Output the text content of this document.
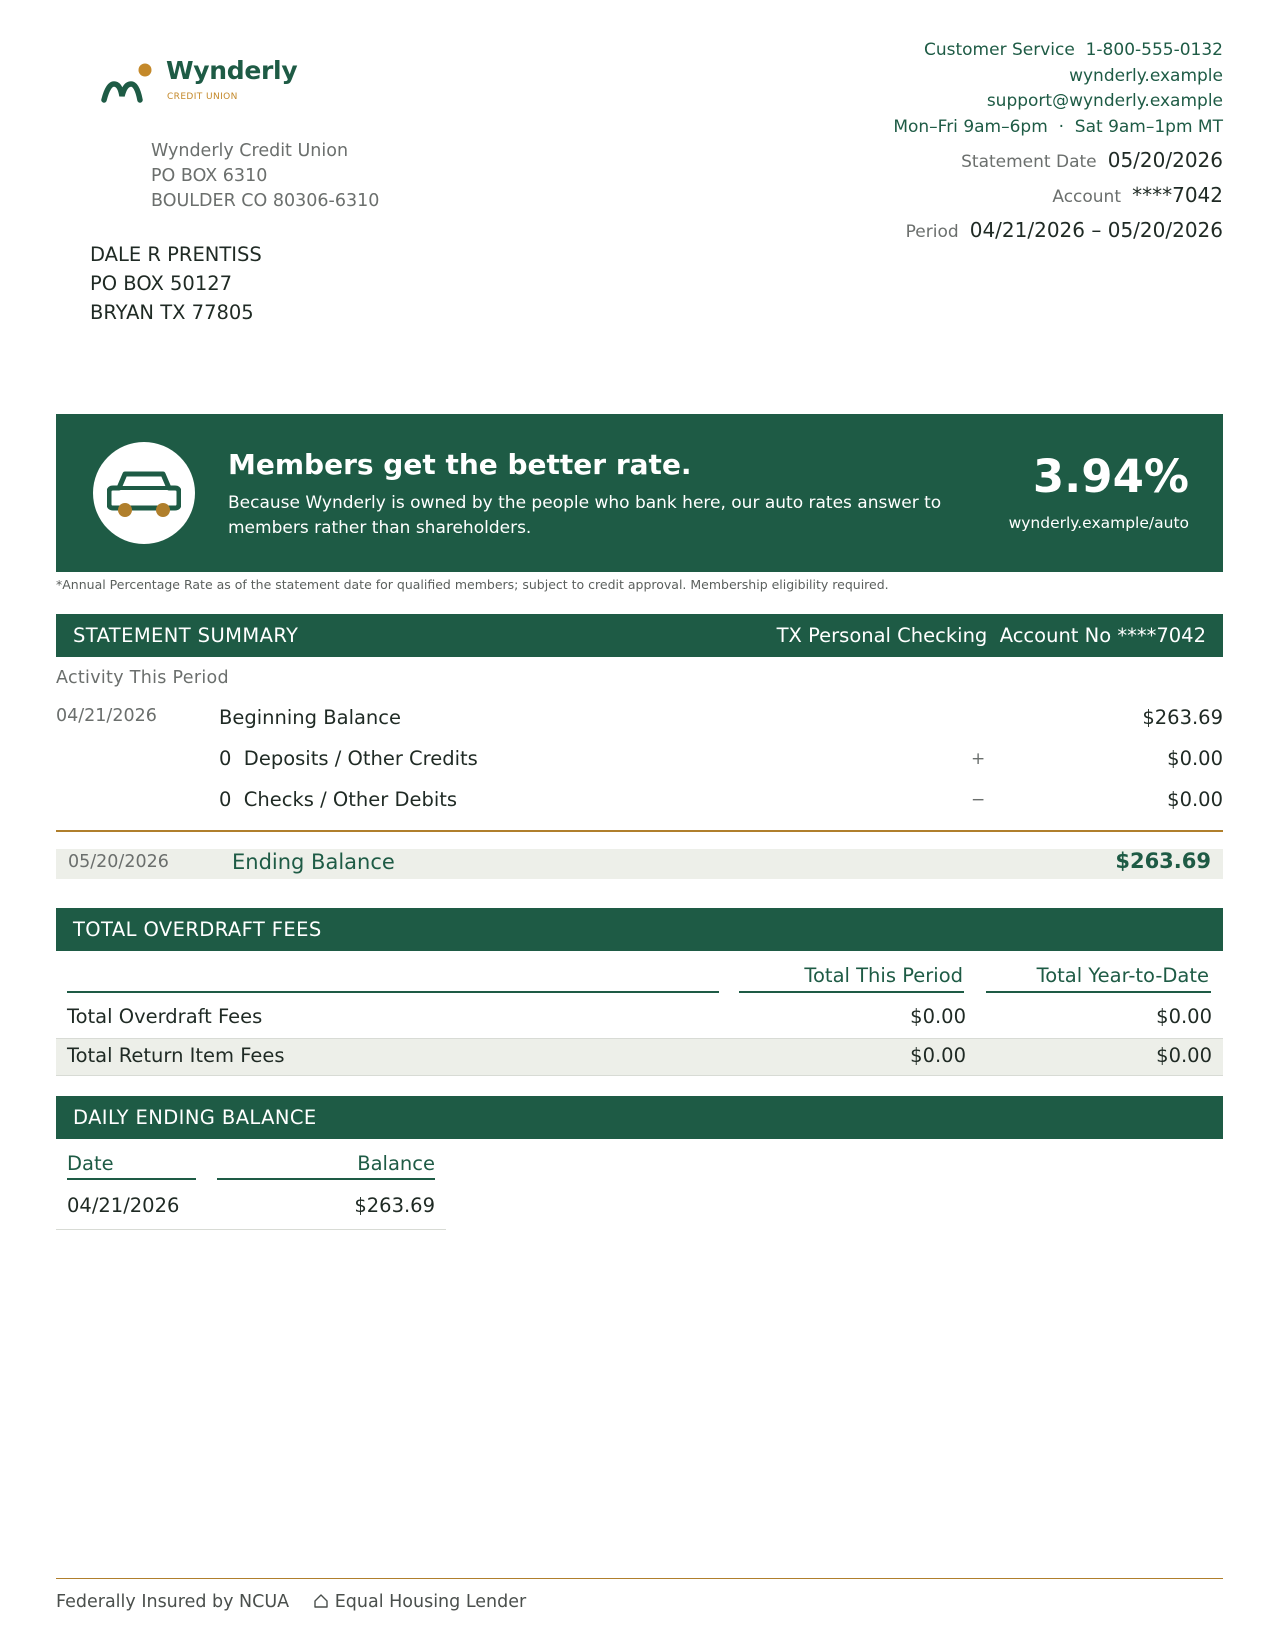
Wynderly
CREDIT UNION
Wynderly Credit Union
PO BOX 6310
BOULDER CO 80306-6310
DALE R PRENTISS
PO BOX 50127
BRYAN TX 77805
Customer Service 1-800-555-0132
wynderly.example
support@wynderly.example
Mon–Fri 9am–6pm  ·  Sat 9am–1pm MT
Statement Date 05/20/2026
Account ****7042
Period 04/21/2026 – 05/20/2026
Members get the better rate.
Because Wynderly is owned by the people who bank here, our auto rates answer to members rather than shareholders.
3.94%
wynderly.example/auto
*Annual Percentage Rate as of the statement date for qualified members; subject to credit approval. Membership eligibility required.
STATEMENT SUMMARY	TX Personal Checking Account No ****7042
Activity This Period
04/21/2026	Beginning Balance	$263.69
0  Deposits / Other Credits	+	$0.00
0  Checks / Other Debits	−	$0.00
05/20/2026	Ending Balance	$263.69
TOTAL OVERDRAFT FEES
Total This Period	Total Year-to-Date
Total Overdraft Fees	$0.00	$0.00
Total Return Item Fees	$0.00	$0.00
DAILY ENDING BALANCE
Date	Balance
04/21/2026	$263.69
Federally Insured by NCUA	Equal Housing Lender
